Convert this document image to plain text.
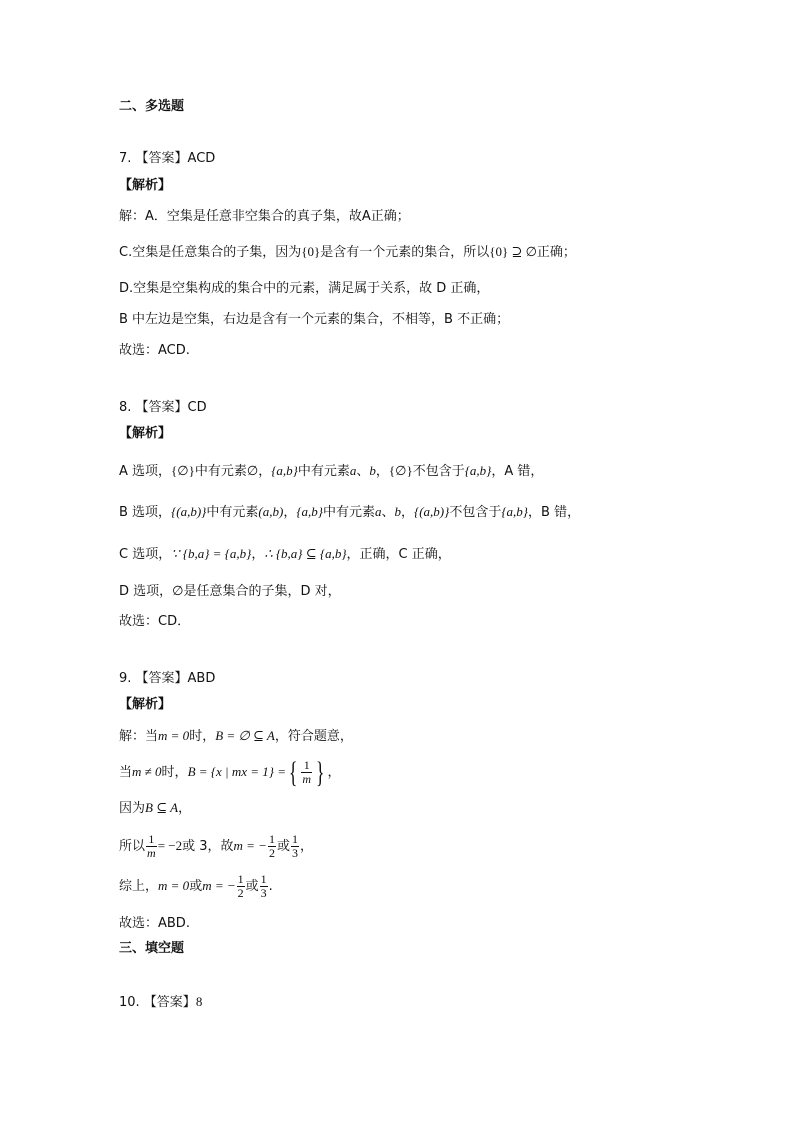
二、多选题
7. 【答案】ACD
【解析】
解：A．空集是任意非空集合的真子集，故A正确；
C.空集是任意集合的子集，因为{0}是含有一个元素的集合，所以{0} ⊇ ∅正确；
D.空集是空集构成的集合中的元素，满足属于关系，故 D 正确，
B 中左边是空集，右边是含有一个元素的集合，不相等，B 不正确；
故选：ACD.
8. 【答案】CD
【解析】
A 选项，{∅}中有元素∅，{a,b}中有元素a、b，{∅}不包含于{a,b}，A 错，
B 选项，{(a,b)}中有元素(a,b)，{a,b}中有元素a、b，{(a,b)}不包含于{a,b}，B 错，
C 选项，∵ {b,a} = {a,b}，∴ {b,a} ⊆ {a,b}，正确，C 正确，
D 选项，∅是任意集合的子集，D 对，
故选：CD．
9. 【答案】ABD
【解析】
解：当m = 0时，B = ∅ ⊆ A，符合题意，
当m ≠ 0时，B = {x | mx = 1} ={ $\frac{1}{m}$ } ，
因为B ⊆ A，
所以 $\frac{1}{m} = -2$或 3，故m = − $\frac{1}{2}$ 或 $\frac{1}{3}$ ，
综上，m = 0或m = − $\frac{1}{2}$ 或 $\frac{1}{3}$ .
故选：ABD.
三、填空题
10. 【答案】8
